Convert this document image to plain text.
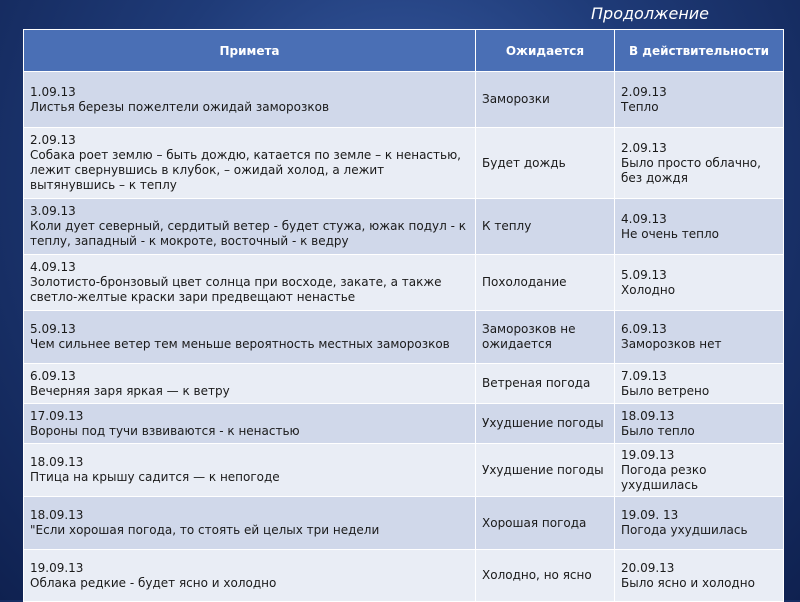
Продолжение
Примета	Ожидается	В действительности

1.09.13
Листья березы пожелтели ожидай заморозков	Заморозки	2.09.13
Тепло

2.09.13
Собака роет землю – быть дождю, катается по земле – к ненастью, лежит свернувшись в клубок, – ожидай холод, а лежит вытянувшись – к теплу	Будет дождь	2.09.13
Было просто облачно, без дождя

3.09.13
Коли дует северный, сердитый ветер - будет стужа, южак подул - к теплу, западный - к мокроте, восточный - к ведру	К теплу	4.09.13
Не очень тепло

4.09.13
Золотисто-бронзовый цвет солнца при восходе, закате, а также светло-желтые краски зари предвещают ненастье	Похолодание	5.09.13
Холодно

5.09.13
Чем сильнее ветер тем меньше вероятность местных заморозков	Заморозков не ожидается	6.09.13
Заморозков нет

6.09.13
Вечерняя заря яркая — к ветру	Ветреная погода	7.09.13
Было ветрено

17.09.13
Вороны под тучи взвиваются - к ненастью	Ухудшение погоды	18.09.13
Было тепло

18.09.13
Птица на крышу садится — к непогоде	Ухудшение погоды	19.09.13
Погода резко ухудшилась

18.09.13
"Если хорошая погода, то стоять ей целых три недели	Хорошая погода	19.09. 13
Погода ухудшилась

19.09.13
Облака редкие - будет ясно и холодно	Холодно, но ясно	20.09.13
Было ясно и холодно
